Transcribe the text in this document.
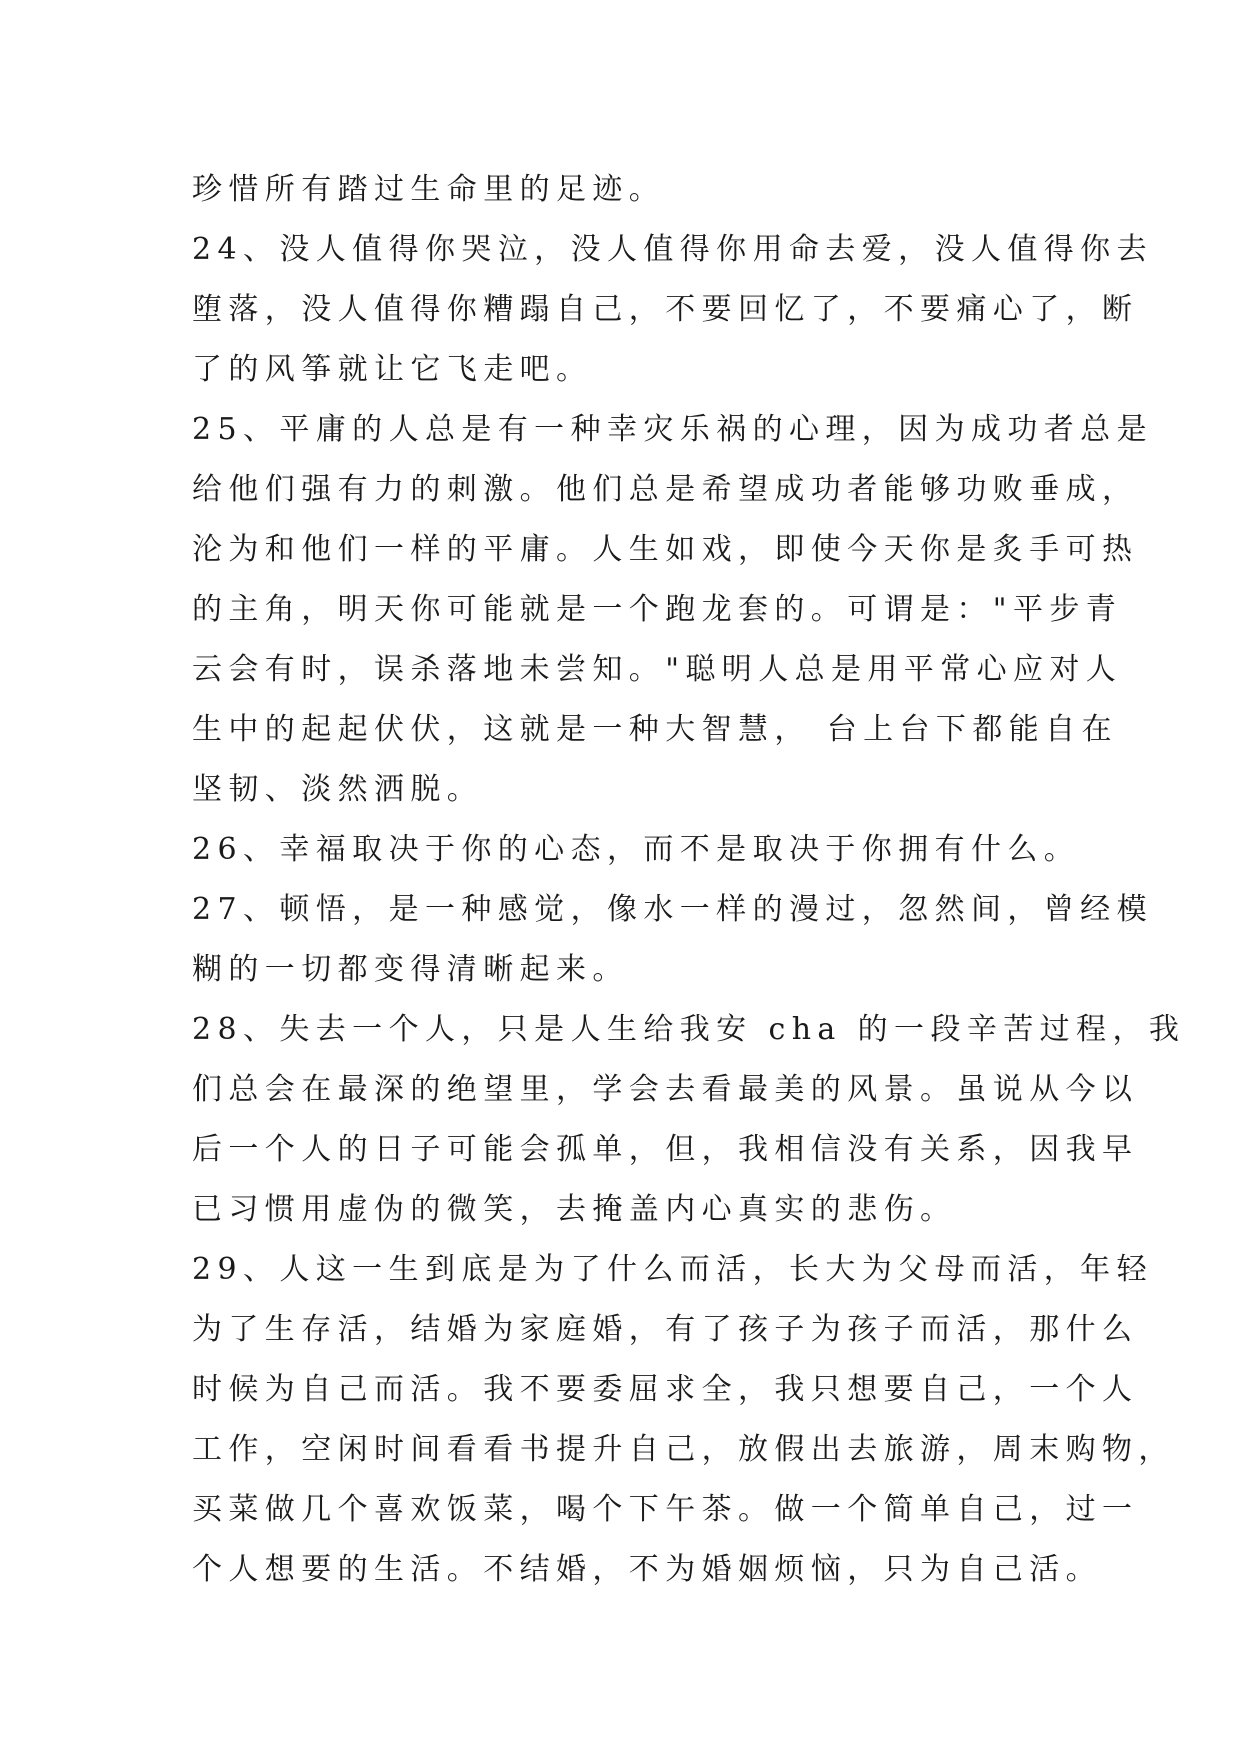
珍惜所有踏过生命里的足迹。
24、没人值得你哭泣，没人值得你用命去爱，没人值得你去
堕落，没人值得你糟蹋自己，不要回忆了，不要痛心了，断
了的风筝就让它飞走吧。
25、平庸的人总是有一种幸灾乐祸的心理，因为成功者总是
给他们强有力的刺激。他们总是希望成功者能够功败垂成，
沦为和他们一样的平庸。人生如戏，即使今天你是炙手可热
的主角，明天你可能就是一个跑龙套的。可谓是："平步青
云会有时，误杀落地未尝知。"聪明人总是用平常心应对人
生中的起起伏伏，这就是一种大智慧， 台上台下都能自在
坚韧、淡然洒脱。
26、幸福取决于你的心态，而不是取决于你拥有什么。
27、顿悟，是一种感觉，像水一样的漫过，忽然间，曾经模
糊的一切都变得清晰起来。
28、失去一个人，只是人生给我安 cha 的一段辛苦过程，我
们总会在最深的绝望里，学会去看最美的风景。虽说从今以
后一个人的日子可能会孤单，但，我相信没有关系，因我早
已习惯用虚伪的微笑，去掩盖内心真实的悲伤。
29、人这一生到底是为了什么而活，长大为父母而活，年轻
为了生存活，结婚为家庭婚，有了孩子为孩子而活，那什么
时候为自己而活。我不要委屈求全，我只想要自己，一个人
工作，空闲时间看看书提升自己，放假出去旅游，周末购物，
买菜做几个喜欢饭菜，喝个下午茶。做一个简单自己，过一
个人想要的生活。不结婚，不为婚姻烦恼，只为自己活。
